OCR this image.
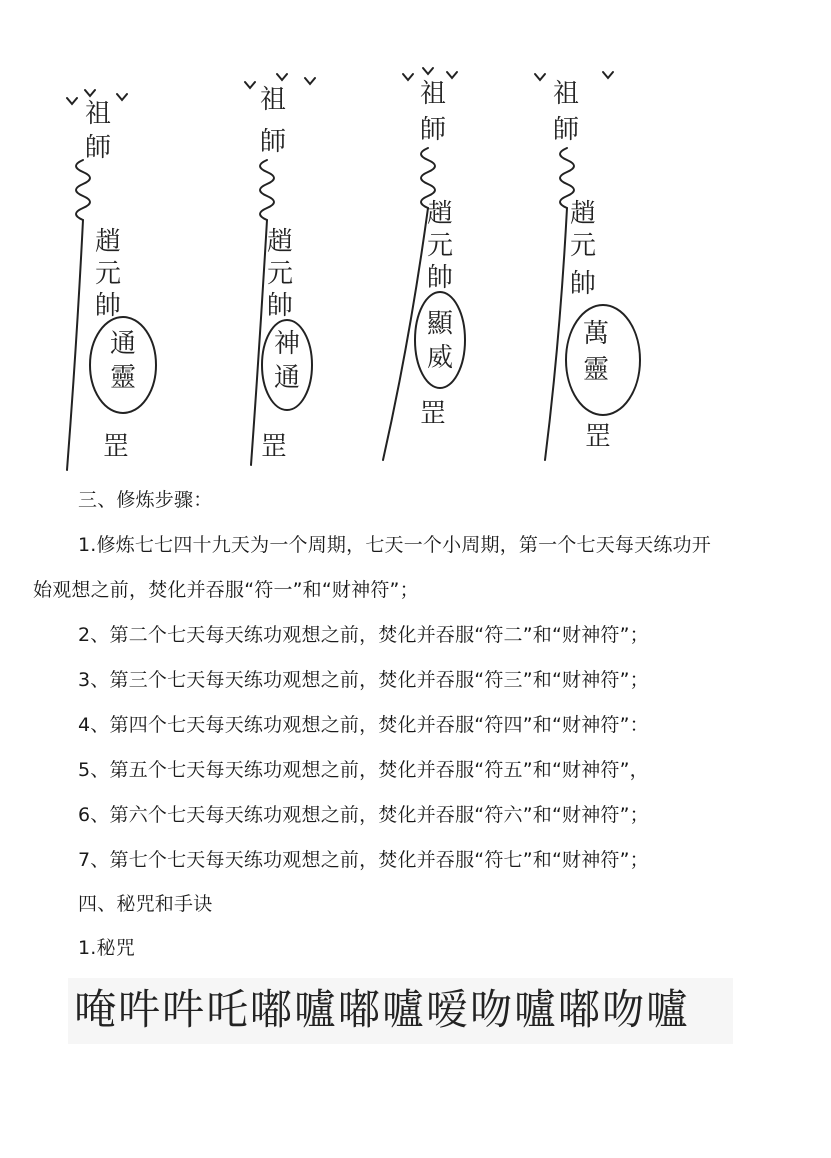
祖
師
趙
元
帥
通
靈
罡
祖
師
趙
元
帥
神
通
罡
祖
師
趙
元
帥
顯
威
罡
祖
師
趙
元
帥
萬
靈
罡
三、修炼步骤：
1.修炼七七四十九天为一个周期，七天一个小周期，第一个七天每天练功开
始观想之前，焚化并吞服“符一”和“财神符”；
2、第二个七天每天练功观想之前，焚化并吞服“符二”和“财神符”；
3、第三个七天每天练功观想之前，焚化并吞服“符三”和“财神符”；
4、第四个七天每天练功观想之前，焚化并吞服“符四”和“财神符”：
5、第五个七天每天练功观想之前，焚化并吞服“符五”和“财神符”，
6、第六个七天每天练功观想之前，焚化并吞服“符六”和“财神符”；
7、第七个七天每天练功观想之前，焚化并吞服“符七”和“财神符”；
四、秘咒和手诀
1.秘咒
唵吽吽吒嘟嚧嘟嚧嗳吻嚧嘟吻嚧
